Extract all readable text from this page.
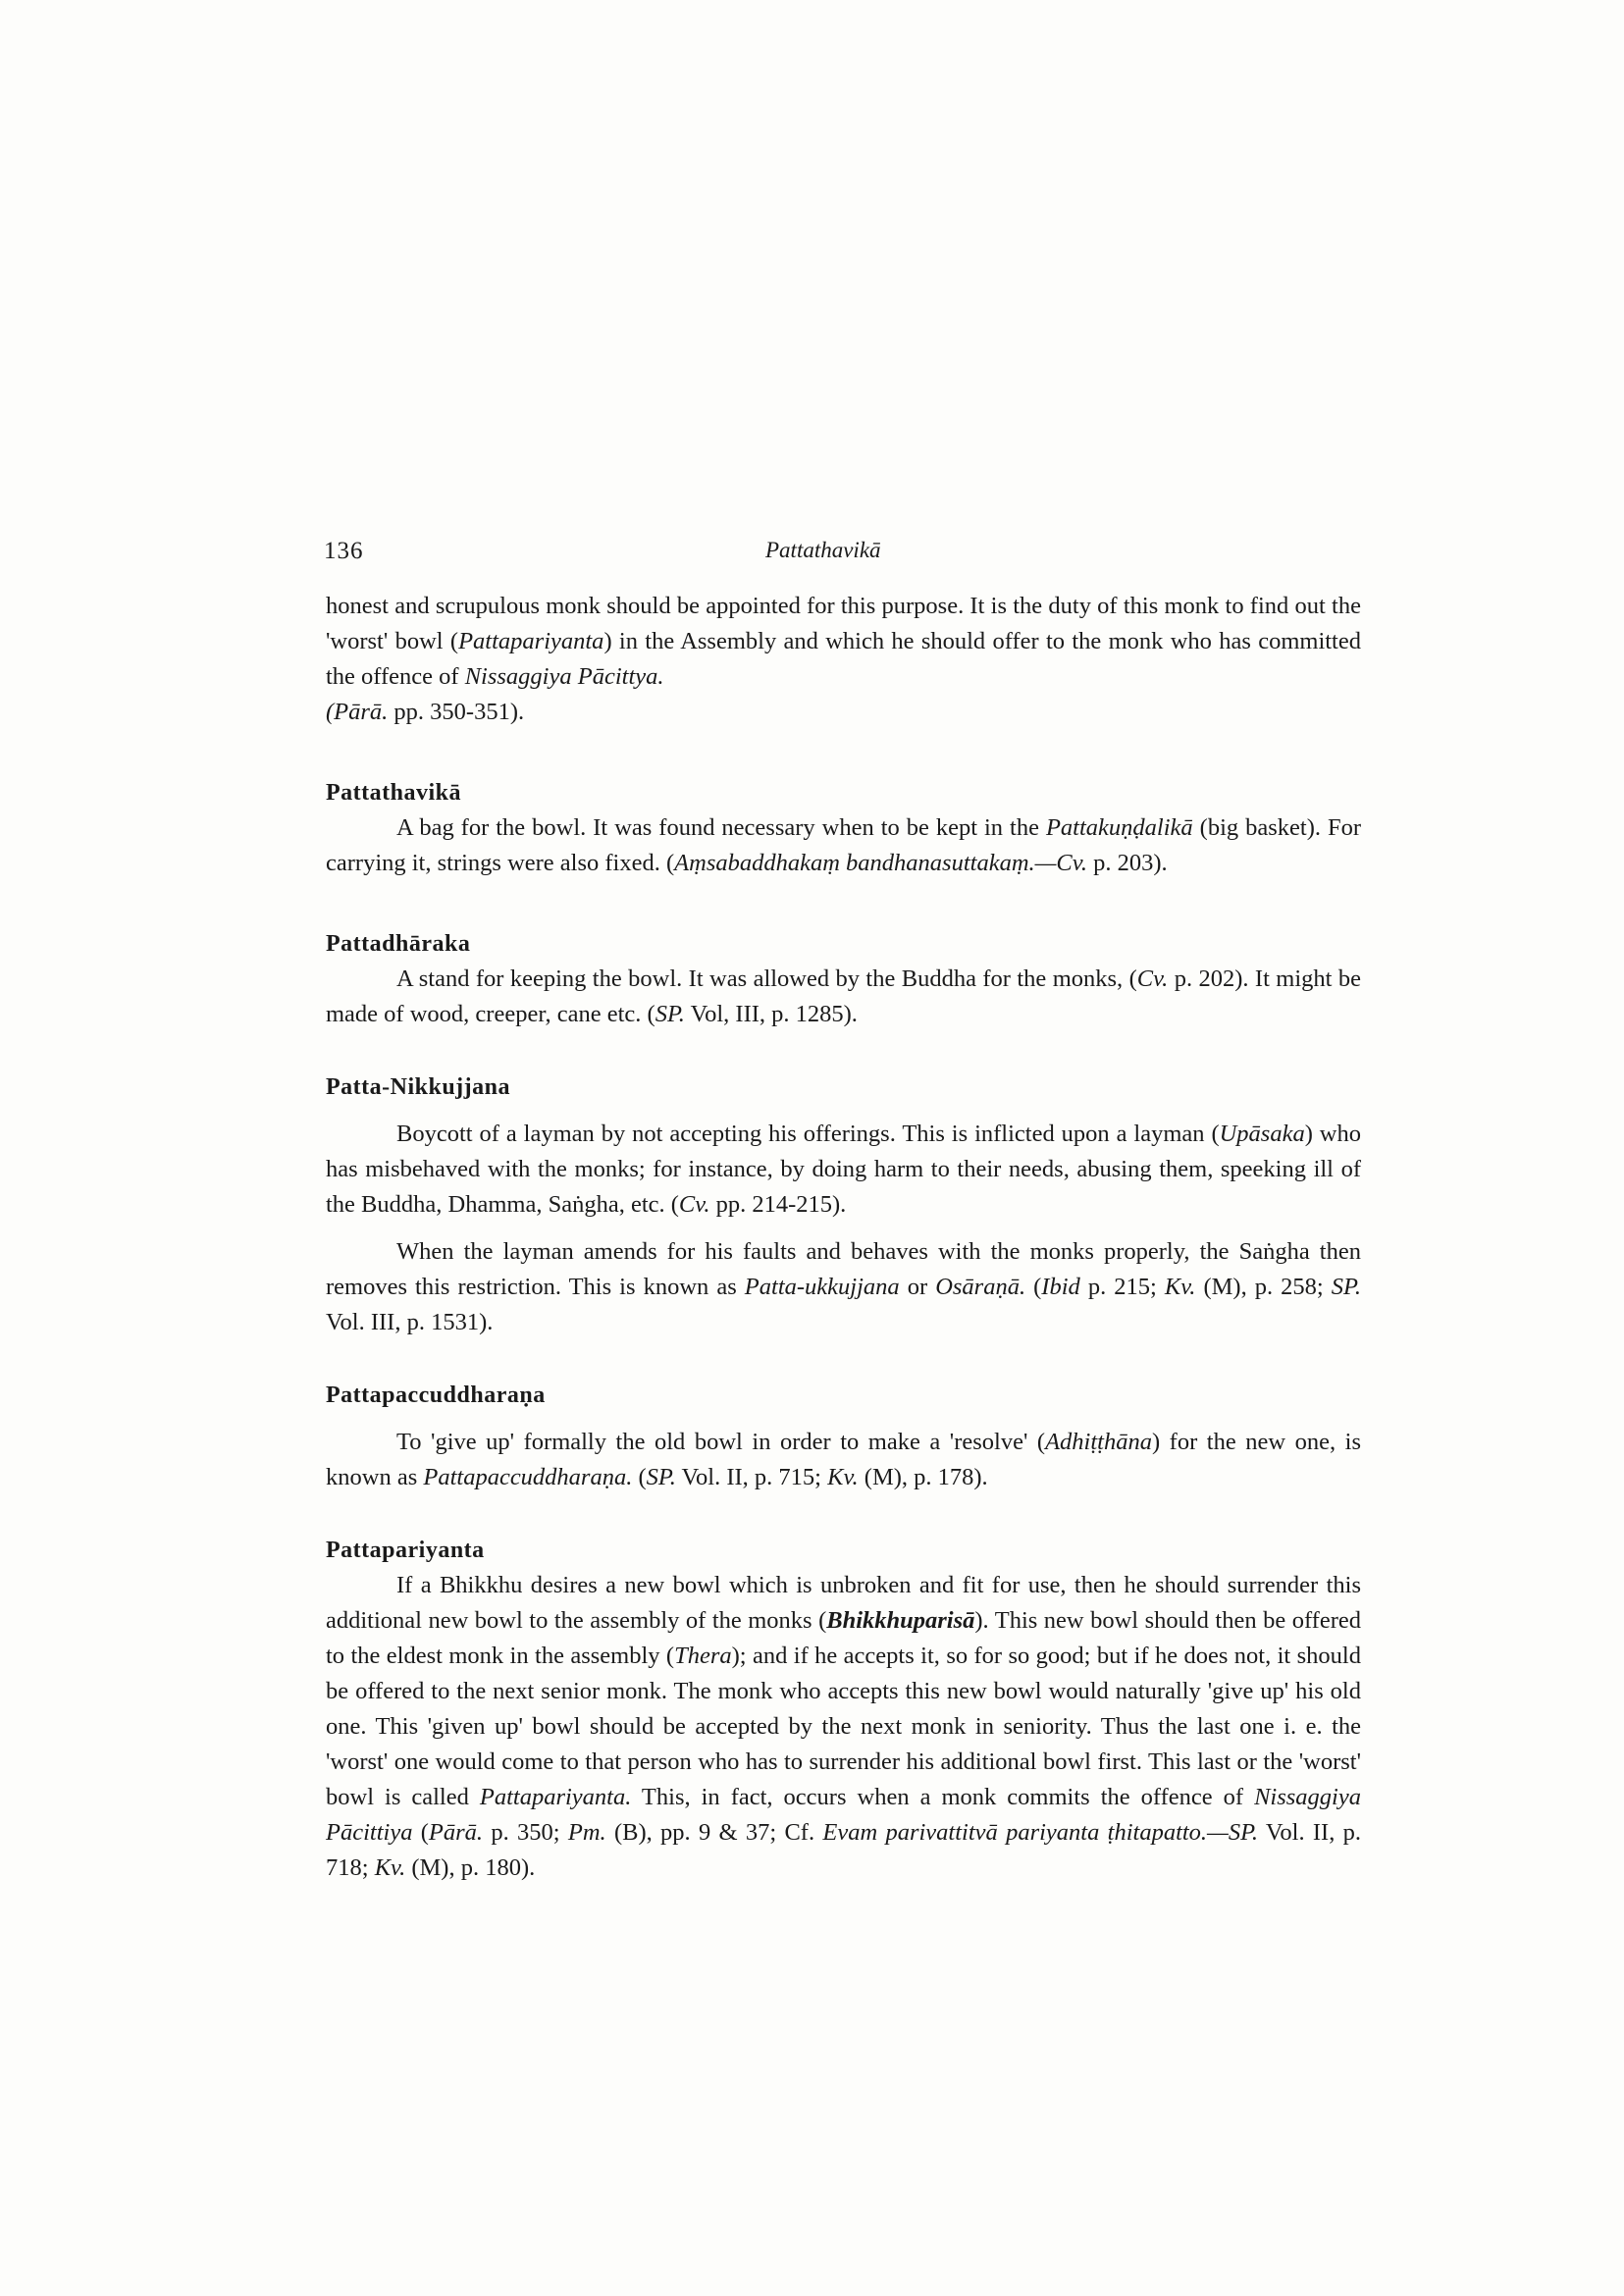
136	Pattathavikā

honest and scrupulous monk should be appointed for this purpose. It is the duty of this monk to find out the 'worst' bowl (Pattapariyanta) in the Assembly and which he should offer to the monk who has committed the offence of Nissaggiya Pācittya.
(Pārā. pp. 350-351).

Pattathavikā

A bag for the bowl. It was found necessary when to be kept in the Pattakuṇḍalikā (big basket). For carrying it, strings were also fixed. (Aṃsabaddhakaṃ bandhanasuttakaṃ.—Cv. p. 203).

Pattadhāraka

A stand for keeping the bowl. It was allowed by the Buddha for the monks, (Cv. p. 202). It might be made of wood, creeper, cane etc. (SP. Vol, III, p. 1285).

Patta-Nikkujjana

Boycott of a layman by not accepting his offerings. This is inflicted upon a layman (Upāsaka) who has misbehaved with the monks; for instance, by doing harm to their needs, abusing them, speeking ill of the Buddha, Dhamma, Saṅgha, etc. (Cv. pp. 214-215).

When the layman amends for his faults and behaves with the monks properly, the Saṅgha then removes this restriction. This is known as Patta-ukkujjana or Osāraṇā. (Ibid p. 215; Kv. (M), p. 258; SP. Vol. III, p. 1531).

Pattapaccuddharaṇa

To 'give up' formally the old bowl in order to make a 'resolve' (Adhiṭṭhāna) for the new one, is known as Pattapaccuddharaṇa. (SP. Vol. II, p. 715; Kv. (M), p. 178).

Pattapariyanta

If a Bhikkhu desires a new bowl which is unbroken and fit for use, then he should surrender this additional new bowl to the assembly of the monks (Bhikkhuparisā). This new bowl should then be offered to the eldest monk in the assembly (Thera); and if he accepts it, so for so good; but if he does not, it should be offered to the next senior monk. The monk who accepts this new bowl would naturally 'give up' his old one. This 'given up' bowl should be accepted by the next monk in seniority. Thus the last one i. e. the 'worst' one would come to that person who has to surrender his additional bowl first. This last or the 'worst' bowl is called Pattapariyanta. This, in fact, occurs when a monk commits the offence of Nissaggiya Pācittiya (Pārā. p. 350; Pm. (B), pp. 9 & 37; Cf. Evam parivattitvā pariyanta ṭhitapatto.—SP. Vol. II, p. 718; Kv. (M), p. 180).
